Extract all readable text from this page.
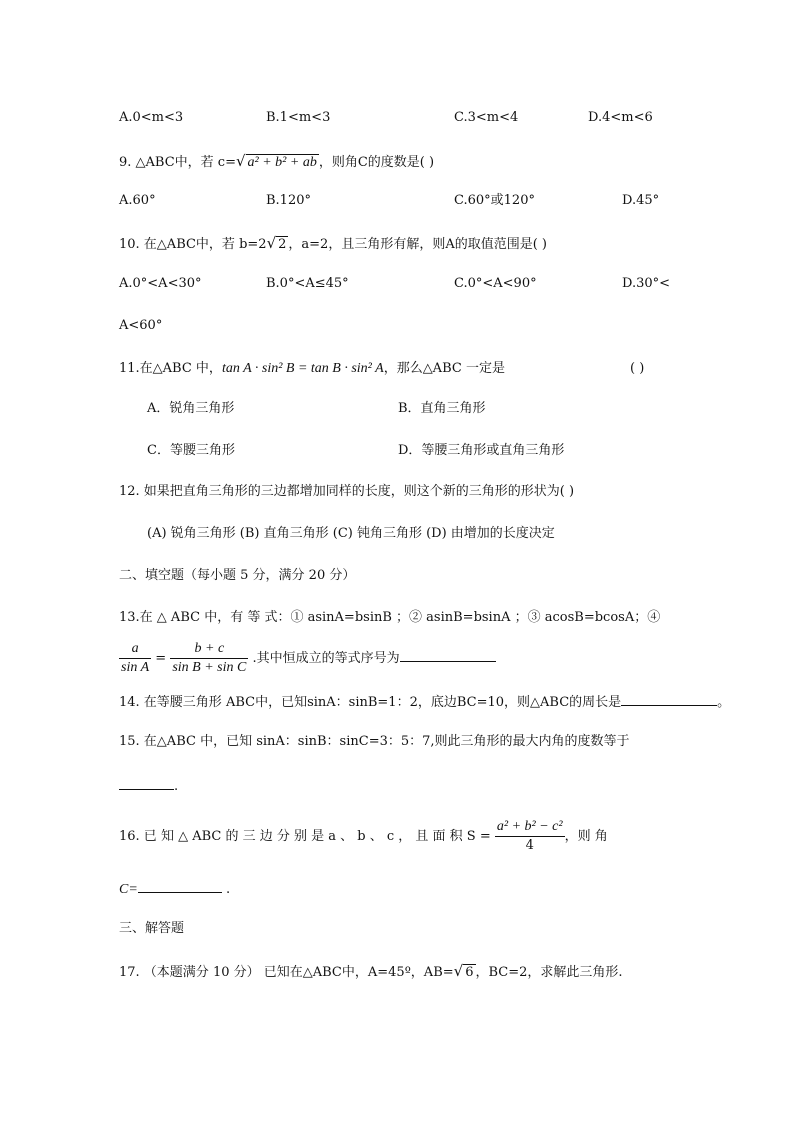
A.0<m<3	B.1<m<3	C.3<m<4	D.4<m<6
9. △ABC中，若 c=√ a² + b² + ab ，则角C的度数是( )
A.60°	B.120°	C.60°或120°	D.45°
10. 在△ABC中，若 b=2√ 2 ，a=2，且三角形有解，则A的取值范围是( )
A.0°<A<30°	B.0°<A≤45°	C.0°<A<90°	D.30°<
A<60°
11.在△ABC 中，tan A · sin² B = tan B · sin² A，那么△ABC 一定是	( )
A．锐角三角形	B．直角三角形
C．等腰三角形	D．等腰三角形或直角三角形
12. 如果把直角三角形的三边都增加同样的长度，则这个新的三角形的形状为( )
(A) 锐角三角形 (B) 直角三角形 (C) 钝角三角形 (D) 由增加的长度决定
二、填空题（每小题 5 分，满分 20 分）
13.在 △ ABC 中，有 等 式：① asinA=bsinB ；② asinB=bsinA ；③ acosB=bcosA；④
$\frac{a}{\text{sin A}} = \frac{b + c}{\text{sin B + sin C}}$ .其中恒成立的等式序号为
14. 在等腰三角形 ABC中，已知sinA：sinB=1：2，底边BC=10，则△ABC的周长是	。
15. 在△ABC 中，已知 sinA：sinB：sinC=3：5：7,则此三角形的最大内角的度数等于
.
16. 已 知 △ ABC 的 三 边 分 别 是 a 、 b 、 c ， 且 面 积 $S = \frac{\text{a² + b² − c²}}{4}$ ，则 角
C=	.
三、解答题
17. （本题满分 10 分） 已知在△ABC中，A=45º，AB=√ 6 ，BC=2，求解此三角形.
